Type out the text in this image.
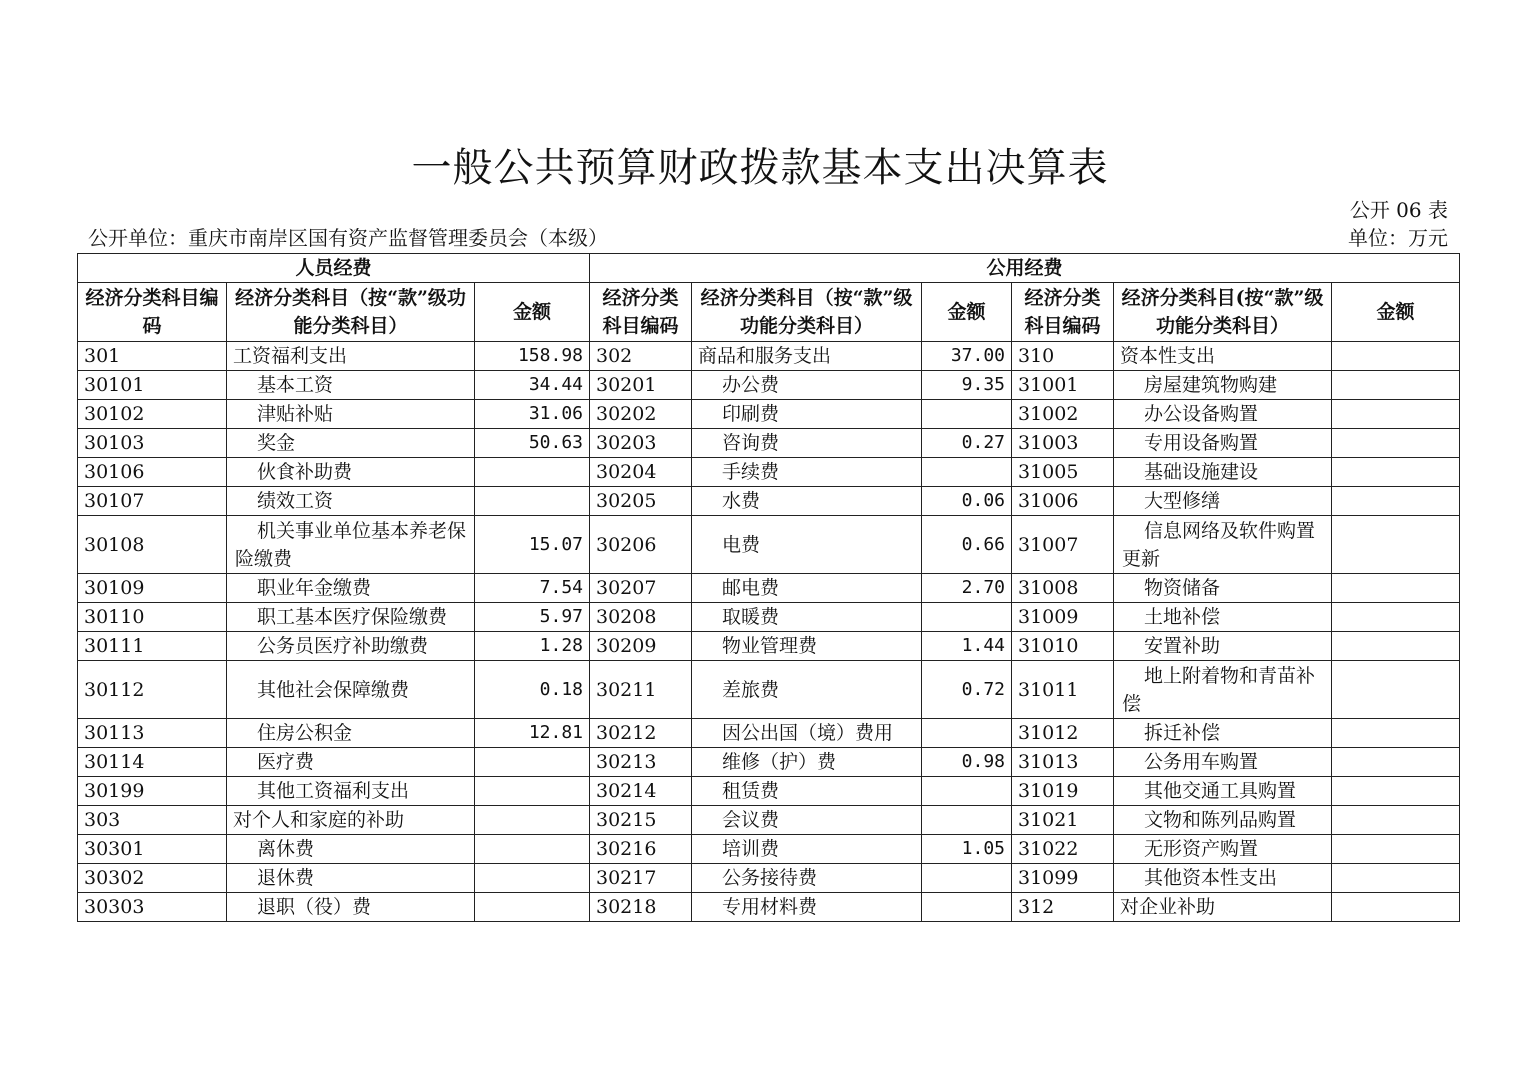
一般公共预算财政拨款基本支出决算表
公开 06 表
公开单位：重庆市南岸区国有资产监督管理委员会（本级）	单位：万元
人员经费			公用经费					
经济分类科目编码	经济分类科目（按“款”级功能分类科目）	金额	经济分类科目编码	经济分类科目（按“款”级功能分类科目）	金额	经济分类科目编码	经济分类科目(按“款”级功能分类科目）	金额
301	工资福利支出	158.98	302	商品和服务支出	37.00	310	资本性支出	
30101	基本工资	34.44	30201	办公费	9.35	31001	房屋建筑物购建	
30102	津贴补贴	31.06	30202	印刷费		31002	办公设备购置	
30103	奖金	50.63	30203	咨询费	0.27	31003	专用设备购置	
30106	伙食补助费		30204	手续费		31005	基础设施建设	
30107	绩效工资		30205	水费	0.06	31006	大型修缮	
30108	机关事业单位基本养老保险缴费	15.07	30206	电费	0.66	31007	信息网络及软件购置更新	
30109	职业年金缴费	7.54	30207	邮电费	2.70	31008	物资储备	
30110	职工基本医疗保险缴费	5.97	30208	取暖费		31009	土地补偿	
30111	公务员医疗补助缴费	1.28	30209	物业管理费	1.44	31010	安置补助	
30112	其他社会保障缴费	0.18	30211	差旅费	0.72	31011	地上附着物和青苗补偿	
30113	住房公积金	12.81	30212	因公出国（境）费用		31012	拆迁补偿	
30114	医疗费		30213	维修（护）费	0.98	31013	公务用车购置	
30199	其他工资福利支出		30214	租赁费		31019	其他交通工具购置	
303	对个人和家庭的补助		30215	会议费		31021	文物和陈列品购置	
30301	离休费		30216	培训费	1.05	31022	无形资产购置	
30302	退休费		30217	公务接待费		31099	其他资本性支出	
30303	退职（役）费		30218	专用材料费		312	对企业补助	
